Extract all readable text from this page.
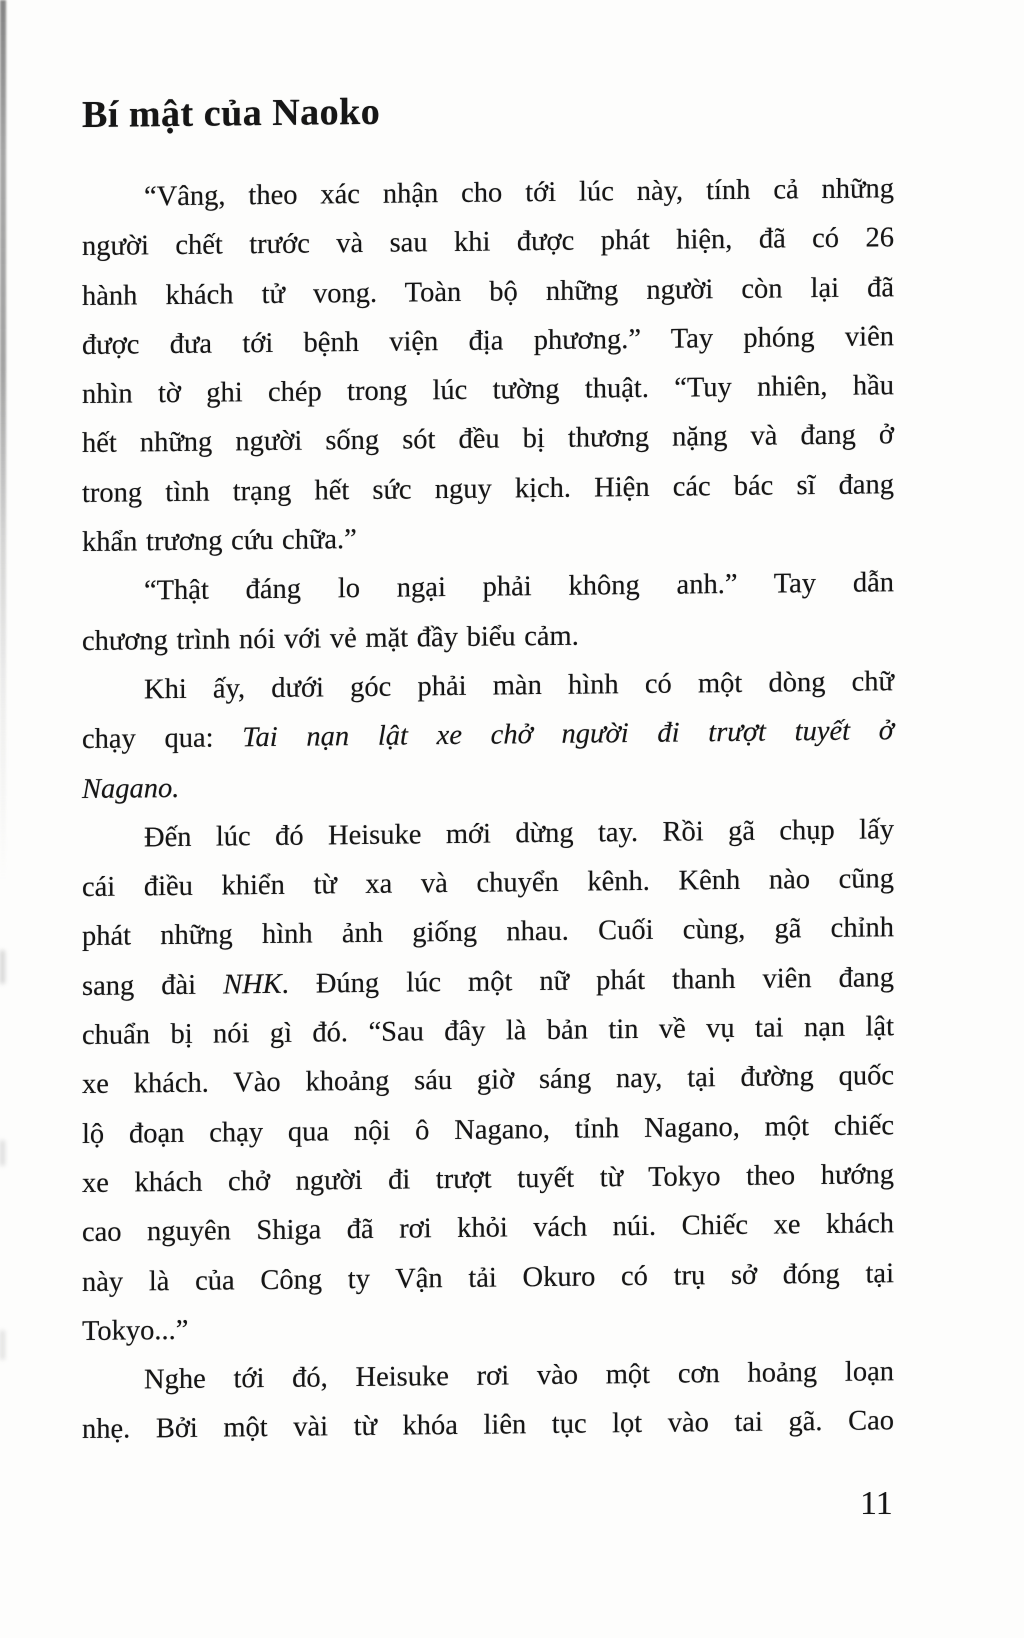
Bí mật của Naoko
“Vâng, theo xác nhận cho tới lúc này, tính cả những
người chết trước và sau khi được phát hiện, đã có 26
hành khách tử vong. Toàn bộ những người còn lại đã
được đưa tới bệnh viện địa phương.” Tay phóng viên
nhìn tờ ghi chép trong lúc tường thuật. “Tuy nhiên, hầu
hết những người sống sót đều bị thương nặng và đang ở
trong tình trạng hết sức nguy kịch. Hiện các bác sĩ đang
khẩn trương cứu chữa.”
“Thật đáng lo ngại phải không anh.” Tay dẫn
chương trình nói với vẻ mặt đầy biểu cảm.
Khi ấy, dưới góc phải màn hình có một dòng chữ
chạy qua: Tai nạn lật xe chở người đi trượt tuyết ở
Nagano.
Đến lúc đó Heisuke mới dừng tay. Rồi gã chụp lấy
cái điều khiển từ xa và chuyển kênh. Kênh nào cũng
phát những hình ảnh giống nhau. Cuối cùng, gã chỉnh
sang đài NHK. Đúng lúc một nữ phát thanh viên đang
chuẩn bị nói gì đó. “Sau đây là bản tin về vụ tai nạn lật
xe khách. Vào khoảng sáu giờ sáng nay, tại đường quốc
lộ đoạn chạy qua nội ô Nagano, tỉnh Nagano, một chiếc
xe khách chở người đi trượt tuyết từ Tokyo theo hướng
cao nguyên Shiga đã rơi khỏi vách núi. Chiếc xe khách
này là của Công ty Vận tải Okuro có trụ sở đóng tại
Tokyo...”
Nghe tới đó, Heisuke rơi vào một cơn hoảng loạn
nhẹ. Bởi một vài từ khóa liên tục lọt vào tai gã. Cao
11
